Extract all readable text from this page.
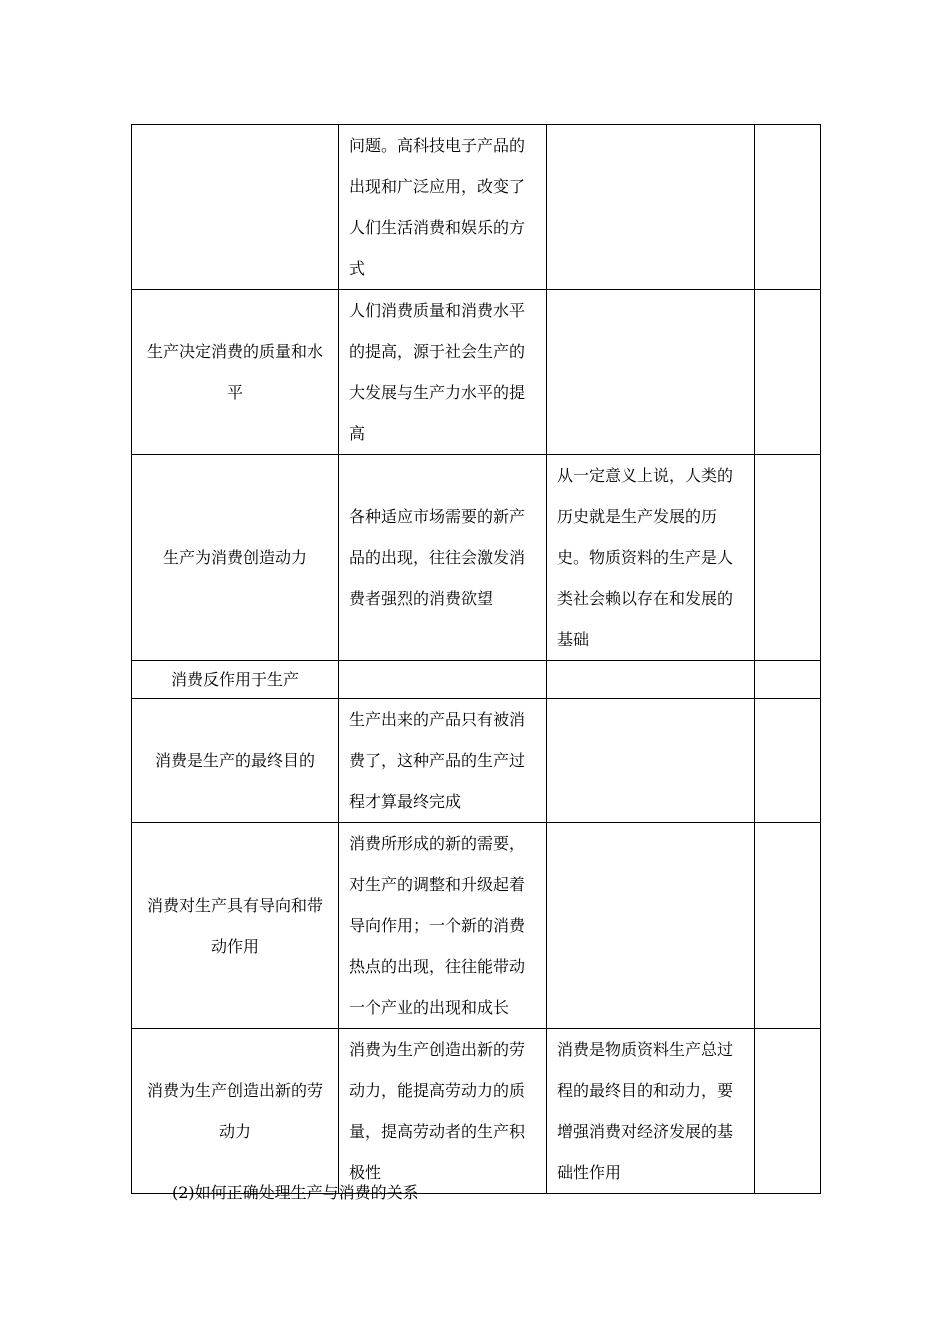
	问题。高科技电子产品的出现和广泛应用，改变了人们生活消费和娱乐的方式		
生产决定消费的质量和水平	人们消费质量和消费水平的提高，源于社会生产的大发展与生产力水平的提高		
生产为消费创造动力	各种适应市场需要的新产品的出现，往往会激发消费者强烈的消费欲望	从一定意义上说，人类的历史就是生产发展的历史。物质资料的生产是人类社会赖以存在和发展的基础	
消费反作用于生产			
消费是生产的最终目的	生产出来的产品只有被消费了，这种产品的生产过程才算最终完成		
消费对生产具有导向和带动作用	消费所形成的新的需要，对生产的调整和升级起着导向作用；一个新的消费热点的出现，往往能带动一个产业的出现和成长		
消费为生产创造出新的劳动力	消费为生产创造出新的劳动力，能提高劳动力的质量，提高劳动者的生产积极性	消费是物质资料生产总过程的最终目的和动力，要增强消费对经济发展的基础性作用	
(2)如何正确处理生产与消费的关系
